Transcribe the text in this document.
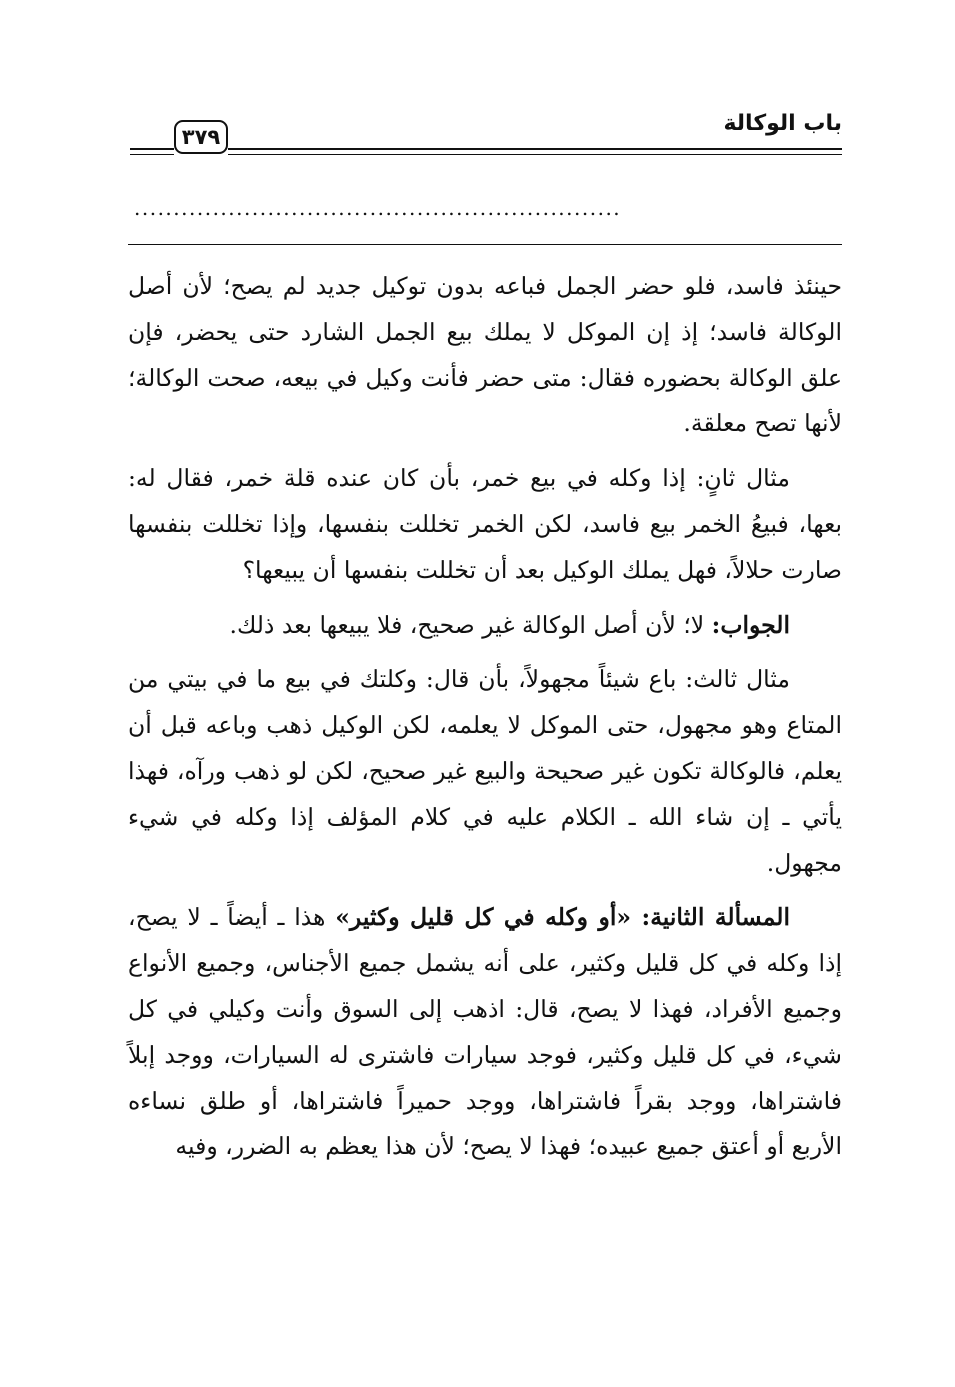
باب الوكالة
٣٧٩
..............................................................

حينئذ فاسد، فلو حضر الجمل فباعه بدون توكيل جديد لم يصح؛ لأن أصل الوكالة فاسد؛ إذ إن الموكل لا يملك بيع الجمل الشارد حتى يحضر، فإن علق الوكالة بحضوره فقال: متى حضر فأنت وكيل في بيعه، صحت الوكالة؛ لأنها تصح معلقة.

مثال ثانٍ: إذا وكله في بيع خمر، بأن كان عنده قلة خمر، فقال له: بعها، فبيعُ الخمر بيع فاسد، لكن الخمر تخللت بنفسها، وإذا تخللت بنفسها صارت حلالاً، فهل يملك الوكيل بعد أن تخللت بنفسها أن يبيعها؟

الجواب: لا؛ لأن أصل الوكالة غير صحيح، فلا يبيعها بعد ذلك.

مثال ثالث: باع شيئاً مجهولاً، بأن قال: وكلتك في بيع ما في بيتي من المتاع وهو مجهول، حتى الموكل لا يعلمه، لكن الوكيل ذهب وباعه قبل أن يعلم، فالوكالة تكون غير صحيحة والبيع غير صحيح، لكن لو ذهب ورآه، فهذا يأتي ـ إن شاء الله ـ الكلام عليه في كلام المؤلف إذا وكله في شيء مجهول.

المسألة الثانية: «أو وكله في كل قليل وكثير» هذا ـ أيضاً ـ لا يصح، إذا وكله في كل قليل وكثير، على أنه يشمل جميع الأجناس، وجميع الأنواع وجميع الأفراد، فهذا لا يصح، قال: اذهب إلى السوق وأنت وكيلي في كل شيء، في كل قليل وكثير، فوجد سيارات فاشترى له السيارات، ووجد إبلاً فاشتراها، ووجد بقراً فاشتراها، ووجد حميراً فاشتراها، أو طلق نساءه الأربع أو أعتق جميع عبيده؛ فهذا لا يصح؛ لأن هذا يعظم به الضرر، وفيه
